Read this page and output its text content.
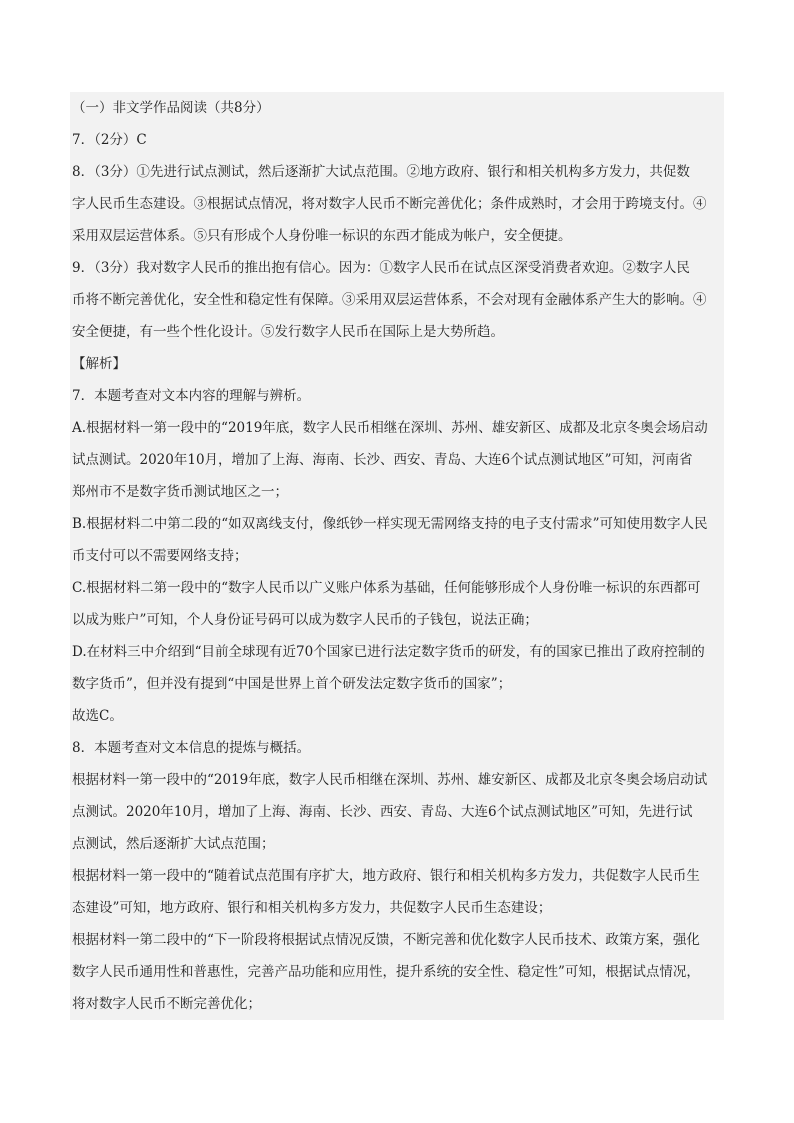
（一）非文学作品阅读（共8分）
7．（2分）C
8．（3分）①先进行试点测试，然后逐渐扩大试点范围。②地方政府、银行和相关机构多方发力，共促数
字人民币生态建设。③根据试点情况，将对数字人民币不断完善优化；条件成熟时，才会用于跨境支付。④
采用双层运营体系。⑤只有形成个人身份唯一标识的东西才能成为帐户，安全便捷。
9．（3分）我对数字人民币的推出抱有信心。因为：①数字人民币在试点区深受消费者欢迎。②数字人民
币将不断完善优化，安全性和稳定性有保障。③采用双层运营体系，不会对现有金融体系产生大的影响。④
安全便捷，有一些个性化设计。⑤发行数字人民币在国际上是大势所趋。
【解析】
7．本题考查对文本内容的理解与辨析。
A.根据材料一第一段中的“2019年底，数字人民币相继在深圳、苏州、雄安新区、成都及北京冬奥会场启动
试点测试。2020年10月，增加了上海、海南、长沙、西安、青岛、大连6个试点测试地区”可知，河南省
郑州市不是数字货币测试地区之一；
B.根据材料二中第二段的“如双离线支付，像纸钞一样实现无需网络支持的电子支付需求”可知使用数字人民
币支付可以不需要网络支持；
C.根据材料二第一段中的“数字人民币以广义账户体系为基础，任何能够形成个人身份唯一标识的东西都可
以成为账户”可知，个人身份证号码可以成为数字人民币的子钱包，说法正确；
D.在材料三中介绍到“目前全球现有近70个国家已进行法定数字货币的研发，有的国家已推出了政府控制的
数字货币”，但并没有提到“中国是世界上首个研发法定数字货币的国家”；
故选C。
8．本题考查对文本信息的提炼与概括。
根据材料一第一段中的“2019年底，数字人民币相继在深圳、苏州、雄安新区、成都及北京冬奥会场启动试
点测试。2020年10月，增加了上海、海南、长沙、西安、青岛、大连6个试点测试地区”可知，先进行试
点测试，然后逐渐扩大试点范围；
根据材料一第一段中的“随着试点范围有序扩大，地方政府、银行和相关机构多方发力，共促数字人民币生
态建设”可知，地方政府、银行和相关机构多方发力，共促数字人民币生态建设；
根据材料一第二段中的“下一阶段将根据试点情况反馈，不断完善和优化数字人民币技术、政策方案，强化
数字人民币通用性和普惠性，完善产品功能和应用性，提升系统的安全性、稳定性”可知，根据试点情况，
将对数字人民币不断完善优化；
